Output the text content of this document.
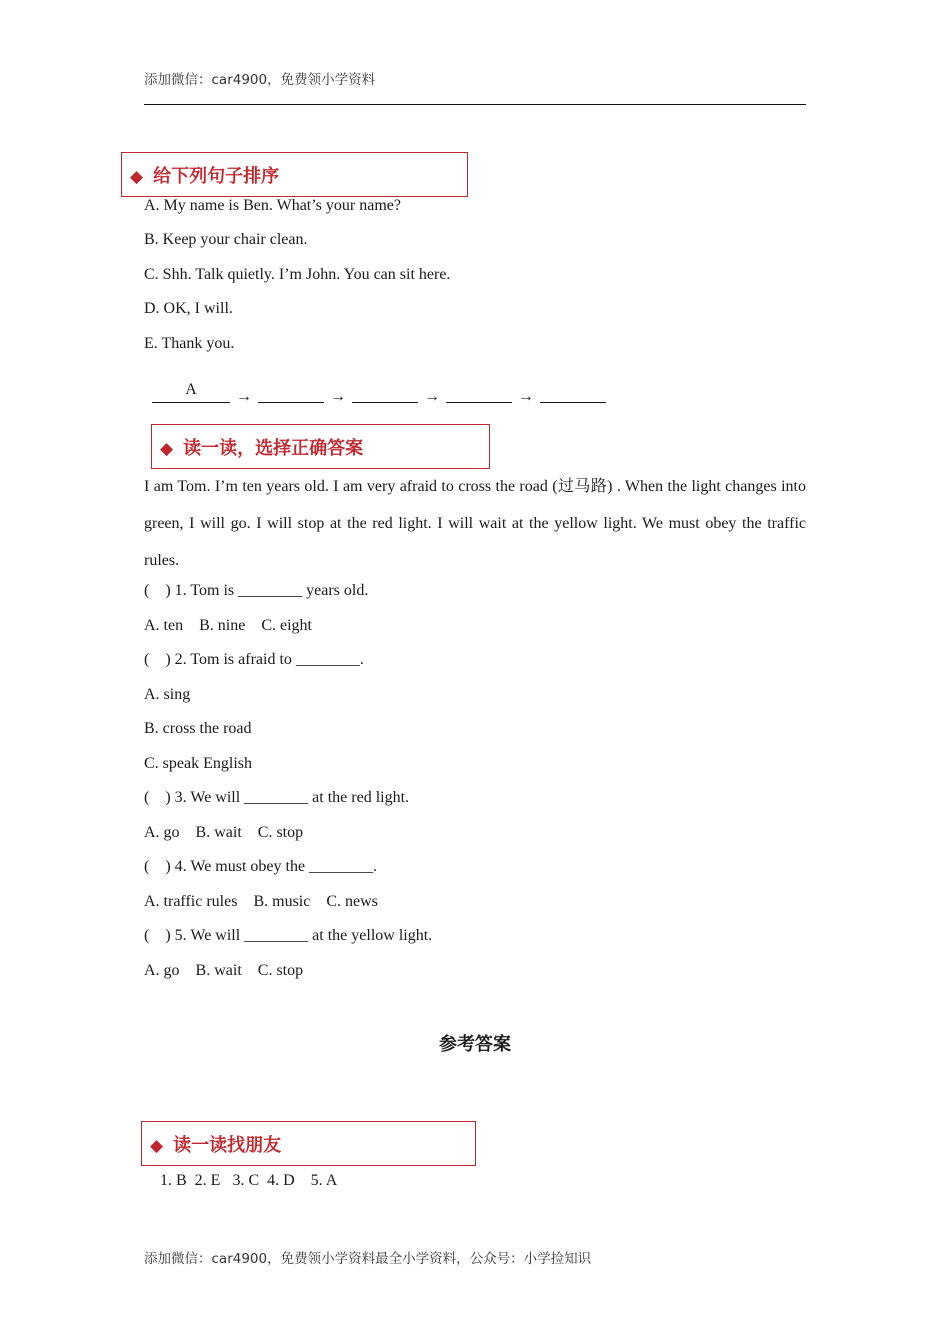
添加微信：car4900，免费领小学资料
◆ 给下列句子排序
A. My name is Ben. What’s your name?
B. Keep your chair clean.
C. Shh. Talk quietly. I’m John. You can sit here.
D. OK, I will.
E. Thank you.

A	→	→	→	→

◆ 读一读，选择正确答案
I am Tom. I’m ten years old. I am very afraid to cross the road (过马路) . When the light changes into green, I will go. I will stop at the red light. I will wait at the yellow light. We must obey the traffic rules.
(    ) 1. Tom is ________ years old.
A. ten    B. nine    C. eight
(    ) 2. Tom is afraid to ________.
A. sing
B. cross the road
C. speak English
(    ) 3. We will ________ at the red light.
A. go    B. wait    C. stop
(    ) 4. We must obey the ________.
A. traffic rules    B. music    C. news
(    ) 5. We will ________ at the yellow light.
A. go    B. wait    C. stop
参考答案
◆ 读一读找朋友
1. B  2. E   3. C  4. D    5. A
添加微信：car4900，免费领小学资料最全小学资料，公众号：小学捡知识
